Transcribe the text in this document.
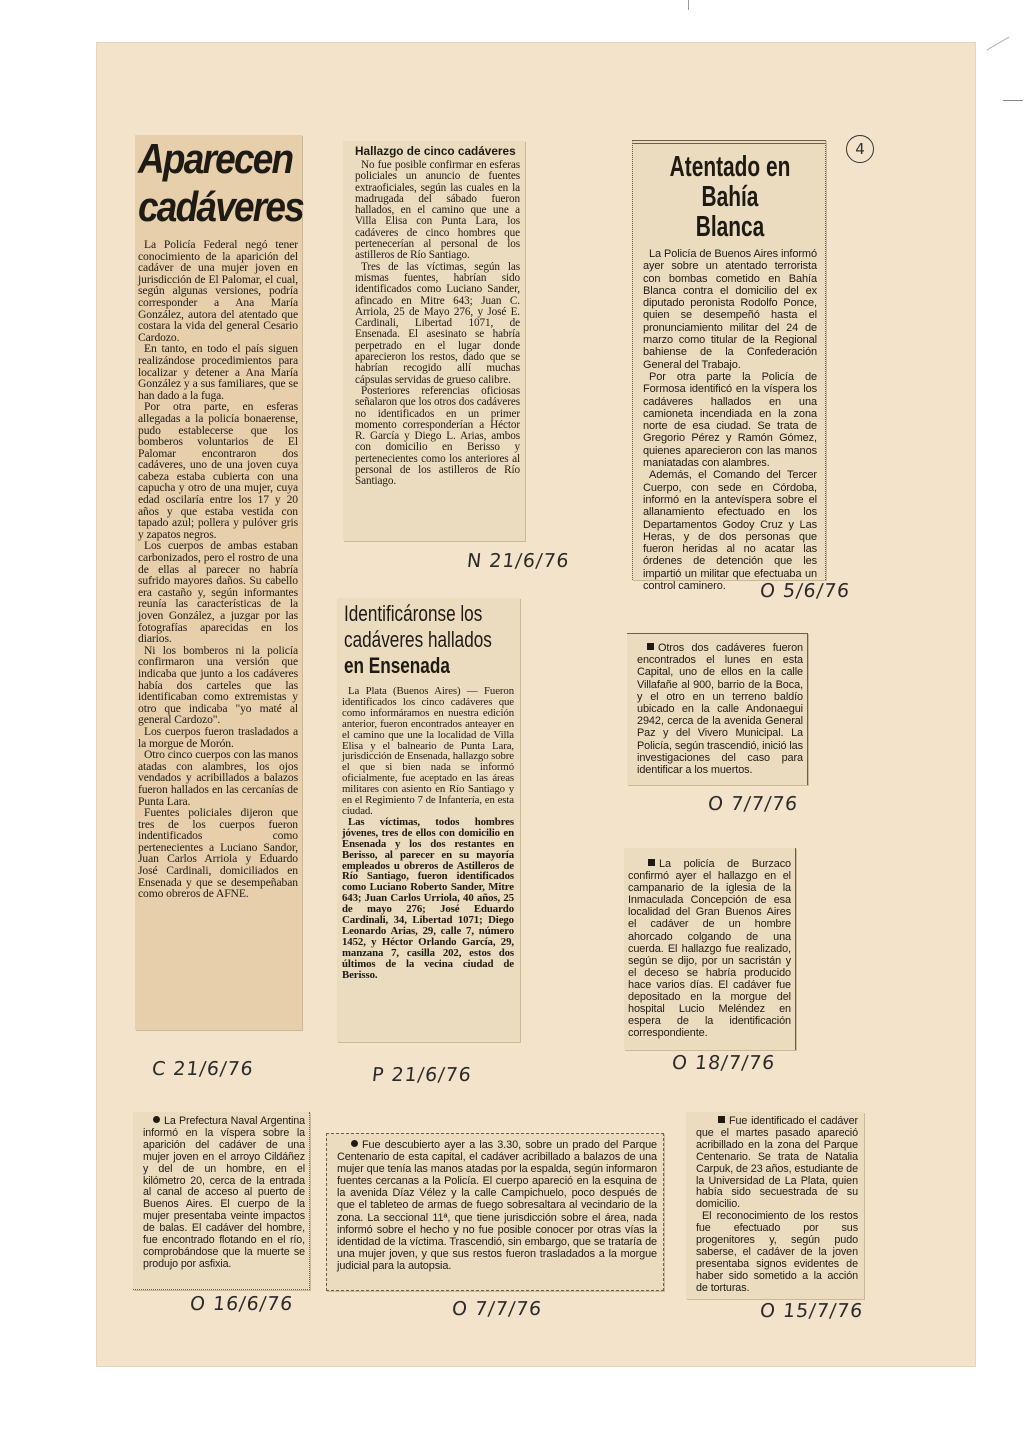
4
Aparecen
cadáveres

La Policía Federal negó tener conocimiento de la aparición del cadáver de una mujer joven en jurisdicción de El Palomar, el cual, según algunas versiones, podría corresponder a Ana María González, autora del atentado que costara la vida del general Cesario Cardozo.

En tanto, en todo el país siguen realizándose procedimientos para localizar y detener a Ana María González y a sus familiares, que se han dado a la fuga.

Por otra parte, en esferas allegadas a la policía bonaerense, pudo establecerse que los bomberos voluntarios de El Palomar encontraron dos cadáveres, uno de una joven cuya cabeza estaba cubierta con una capucha y otro de una mujer, cuya edad oscilaría entre los 17 y 20 años y que estaba vestida con tapado azul; pollera y pulóver gris y zapatos negros.

Los cuerpos de ambas estaban carbonizados, pero el rostro de una de ellas al parecer no habría sufrido mayores daños. Su cabello era castaño y, según informantes reunía las características de la joven González, a juzgar por las fotografías aparecidas en los diarios.

Ni los bomberos ni la policía confirmaron una versión que indicaba que junto a los cadáveres había dos carteles que las identificaban como extremistas y otro que indicaba "yo maté al general Cardozo".

Los cuerpos fueron trasladados a la morgue de Morón.

Otro cinco cuerpos con las manos atadas con alambres, los ojos vendados y acribillados a balazos fueron hallados en las cercanías de Punta Lara.

Fuentes policiales dijeron que tres de los cuerpos fueron indentificados como pertenecientes a Luciano Sandor, Juan Carlos Arriola y Eduardo José Cardinali, domiciliados en Ensenada y que se desempeñaban como obreros de AFNE.

C 21/6/76
Hallazgo de cinco cadáveres

No fue posible confirmar en esferas policiales un anuncio de fuentes extraoficiales, según las cuales en la madrugada del sábado fueron hallados, en el camino que une a Villa Elisa con Punta Lara, los cadáveres de cinco hombres que pertenecerían al personal de los astilleros de Río Santiago.

Tres de las víctimas, según las mismas fuentes, habrían sido identificados como Luciano Sander, afincado en Mitre 643; Juan C. Arriola, 25 de Mayo 276, y José E. Cardinali, Libertad 1071, de Ensenada. El asesinato se habría perpetrado en el lugar donde aparecieron los restos, dado que se habrían recogido allí muchas cápsulas servidas de grueso calibre.

Posteriores referencias oficiosas señalaron que los otros dos cadáveres no identificados en un primer momento corresponderían a Héctor R. García y Diego L. Arias, ambos con domicilio en Berisso y pertenecientes como los anteriores al personal de los astilleros de Río Santiago.

N 21/6/76
Atentado en Bahía Blanca

La Policía de Buenos Aires informó ayer sobre un atentado terrorista con bombas cometido en Bahía Blanca contra el domicilio del ex diputado peronista Rodolfo Ponce, quien se desempeñó hasta el pronunciamiento militar del 24 de marzo como titular de la Regional bahiense de la Confederación General del Trabajo.

Por otra parte la Policía de Formosa identificó en la víspera los cadáveres hallados en una camioneta incendiada en la zona norte de esa ciudad. Se trata de Gregorio Pérez y Ramón Gómez, quienes aparecieron con las manos maniatadas con alambres.

Además, el Comando del Tercer Cuerpo, con sede en Córdoba, informó en la antevíspera sobre el allanamiento efectuado en los Departamentos Godoy Cruz y Las Heras, y de dos personas que fueron heridas al no acatar las órdenes de detención que les impartió un militar que efectuaba un control caminero.	O 5/6/76
Identificáronse los
cadáveres hallados
en Ensenada

La Plata (Buenos Aires) — Fueron identificados los cinco cadáveres que como informáramos en nuestra edición anterior, fueron encontrados anteayer en el camino que une la localidad de Villa Elisa y el balneario de Punta Lara, jurisdicción de Ensenada, hallazgo sobre el que si bien nada se informó oficialmente, fue aceptado en las áreas militares con asiento en Río Santiago y en el Regimiento 7 de Infantería, en esta ciudad.

Las víctimas, todos hombres jóvenes, tres de ellos con domicilio en Ensenada y los dos restantes en Berisso, al parecer en su mayoría empleados u obreros de Astilleros de Río Santiago, fueron identificados como Luciano Roberto Sander, Mitre 643; Juan Carlos Urriola, 40 años, 25 de mayo 276; José Eduardo Cardinali, 34, Libertad 1071; Diego Leonardo Arias, 29, calle 7, número 1452, y Héctor Orlando García, 29, manzana 7, casilla 202, estos dos últimos de la vecina ciudad de Berisso.

P 21/6/76

Otros dos cadáveres fueron encontrados el lunes en esta Capital, uno de ellos en la calle Villafañe al 900, barrio de la Boca, y el otro en un terreno baldío ubicado en la calle Andonaegui 2942, cerca de la avenida General Paz y del Vivero Municipal. La Policía, según trascendió, inició las investigaciones del caso para identificar a los muertos.

O 7/7/76

La policía de Burzaco confirmó ayer el hallazgo en el campanario de la iglesia de la Inmaculada Concepción de esa localidad del Gran Buenos Aires el cadáver de un hombre ahorcado colgando de una cuerda. El hallazgo fue realizado, según se dijo, por un sacristán y el deceso se habría producido hace varios días. El cadáver fue depositado en la morgue del hospital Lucio Meléndez en espera de la identificación correspondiente.

O 18/7/76

La Prefectura Naval Argentina informó en la víspera sobre la aparición del cadáver de una mujer joven en el arroyo Cildáñez y del de un hombre, en el kilómetro 20, cerca de la entrada al canal de acceso al puerto de Buenos Aires. El cuerpo de la mujer presentaba veinte impactos de balas. El cadáver del hombre, fue encontrado flotando en el río, comprobándose que la muerte se produjo por asfixia.

O 16/6/76

Fue descubierto ayer a las 3.30, sobre un prado del Parque Centenario de esta capital, el cadáver acribillado a balazos de una mujer que tenía las manos atadas por la espalda, según informaron fuentes cercanas a la Policía. El cuerpo apareció en la esquina de la avenida Díaz Vélez y la calle Campichuelo, poco después de que el tableteo de armas de fuego sobresaltara al vecindario de la zona. La seccional 11ª, que tiene jurisdicción sobre el área, nada informó sobre el hecho y no fue posible conocer por otras vías la identidad de la víctima. Trascendió, sin embargo, que se trataría de una mujer joven, y que sus restos fueron trasladados a la morgue judicial para la autopsia.

O 7/7/76

Fue identificado el cadáver que el martes pasado apareció acribillado en la zona del Parque Centenario. Se trata de Natalia Carpuk, de 23 años, estudiante de la Universidad de La Plata, quien había sido secuestrada de su domicilio.

El reconocimiento de los restos fue efectuado por sus progenitores y, según pudo saberse, el cadáver de la joven presentaba signos evidentes de haber sido sometido a la acción de torturas.

O 15/7/76
